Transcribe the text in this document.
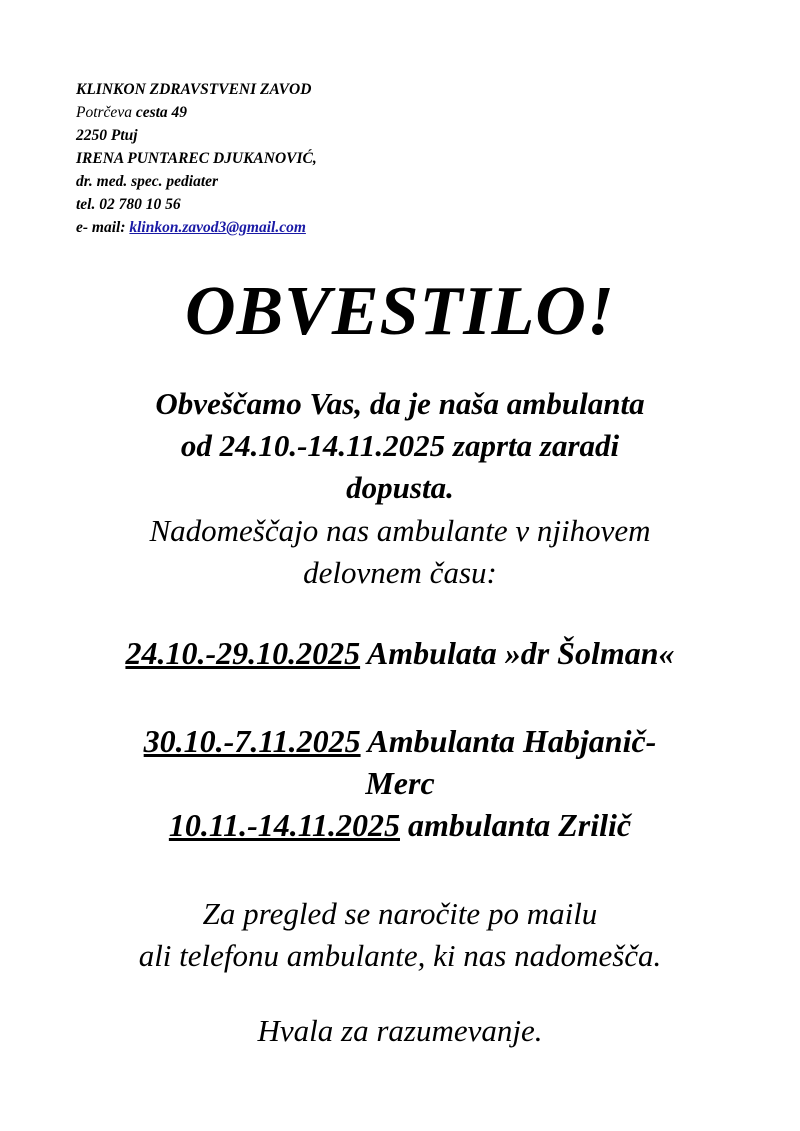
KLINKON ZDRAVSTVENI ZAVOD
Potrčeva cesta 49
2250 Ptuj
IRENA PUNTAREC DJUKANOVIĆ,
dr. med. spec. pediater
tel. 02 780 10 56
e- mail: klinkon.zavod3@gmail.com
OBVESTILO!
Obveščamo Vas, da je naša ambulanta
od 24.10.-14.11.2025 zaprta zaradi
dopusta.
Nadomeščajo nas ambulante v njihovem
delovnem času:
24.10.-29.10.2025 Ambulata »dr Šolman«
30.10.-7.11.2025 Ambulanta Habjanič-
Merc
10.11.-14.11.2025 ambulanta Zrilič
Za pregled se naročite po mailu
ali telefonu ambulante, ki nas nadomešča.
Hvala za razumevanje.
